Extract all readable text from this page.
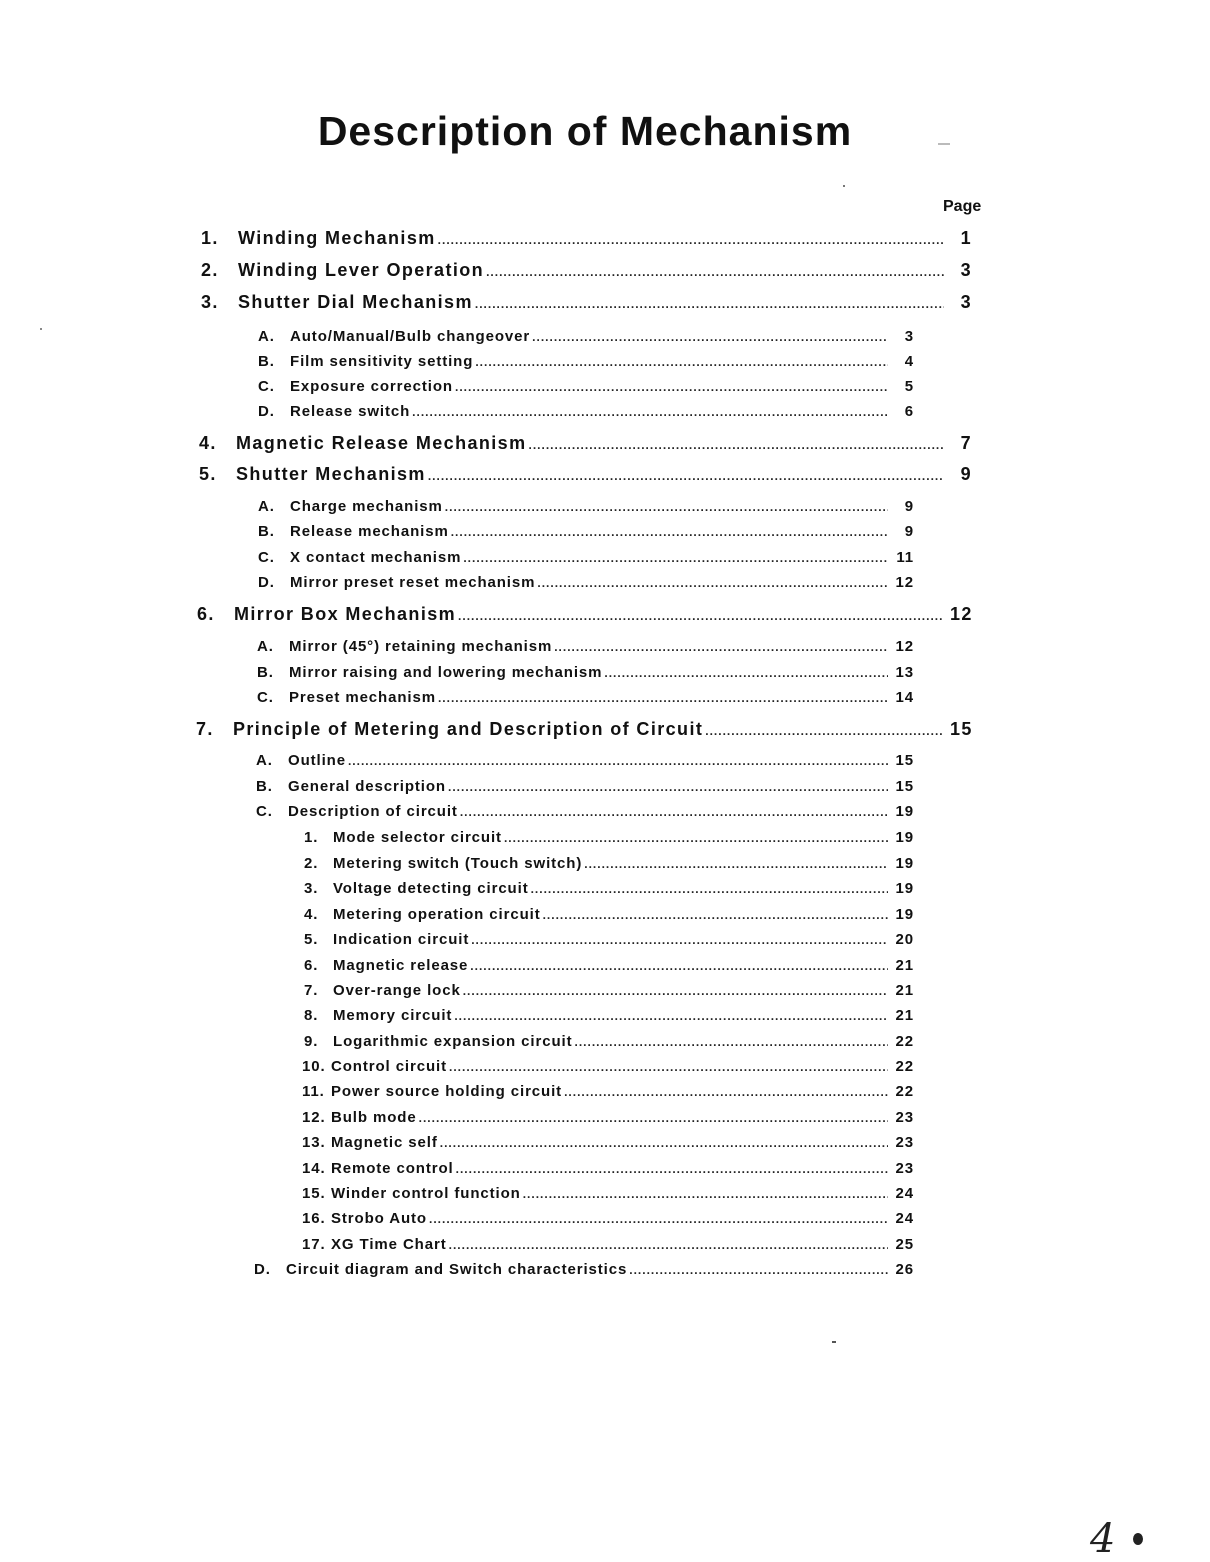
Description of Mechanism
Page
1.	Winding Mechanism .....	1
2.	Winding Lever Operation .....	3
3.	Shutter Dial Mechanism .....	3
A.	Auto/Manual/Bulb changeover .....	3
B.	Film sensitivity setting .....	4
C.	Exposure correction .....	5
D.	Release switch .....	6
4.	Magnetic Release Mechanism .....	7
5.	Shutter Mechanism .....	9
A.	Charge mechanism .....	9
B.	Release mechanism .....	9
C.	X contact mechanism .....	11
D.	Mirror preset reset mechanism .....	12
6.	Mirror Box Mechanism .....	12
A.	Mirror (45°) retaining mechanism .....	12
B.	Mirror raising and lowering mechanism .....	13
C.	Preset mechanism .....	14
7.	Principle of Metering and Description of Circuit .....	15
A.	Outline .....	15
B.	General description .....	15
C.	Description of circuit .....	19
1. Mode selector circuit .....	19
2. Metering switch (Touch switch) .....	19
3. Voltage detecting circuit .....	19
4. Metering operation circuit .....	19
5. Indication circuit .....	20
6. Magnetic release .....	21
7. Over-range lock .....	21
8. Memory circuit .....	21
9. Logarithmic expansion circuit .....	22
10. Control circuit .....	22
11. Power source holding circuit .....	22
12. Bulb mode .....	23
13. Magnetic self .....	23
14. Remote control .....	23
15. Winder control function .....	24
16. Strobo Auto .....	24
17. XG Time Chart .....	25
D.	Circuit diagram and Switch characteristics .....	26
4
